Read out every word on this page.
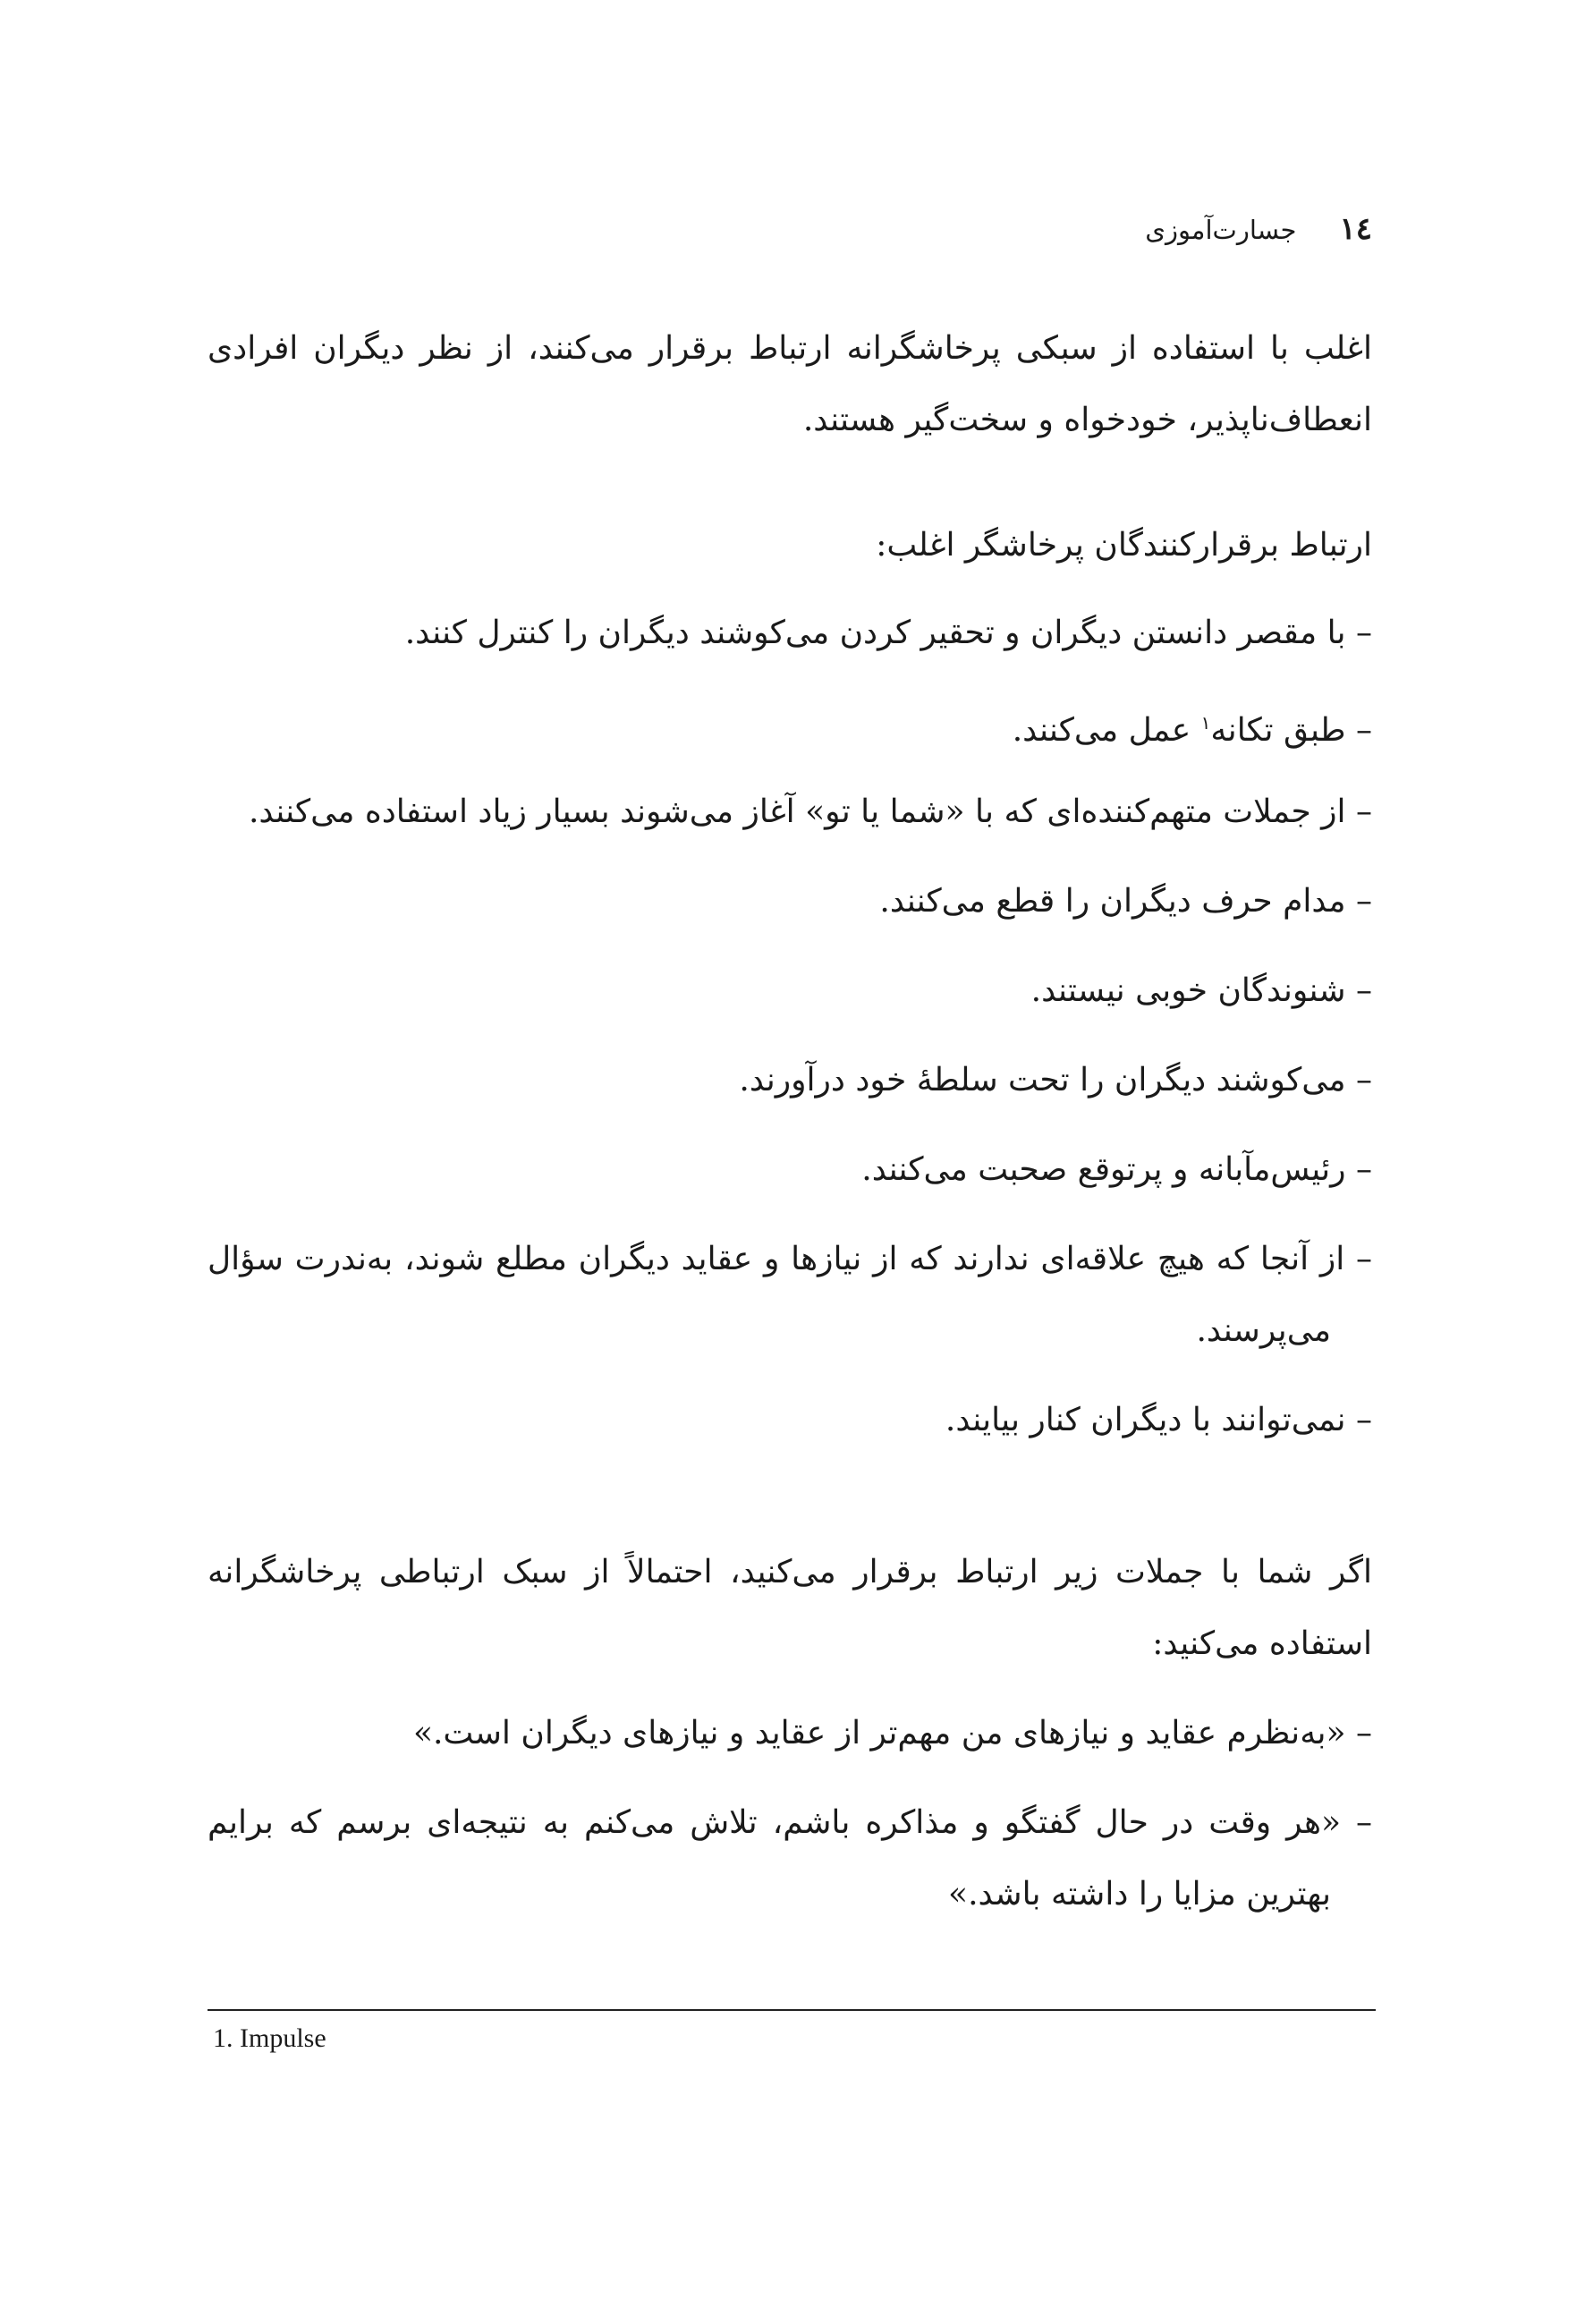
١٤
جسارت‌آموزی

اغلب با استفاده از سبکی پرخاشگرانه ارتباط برقرار می‌کنند، از نظر دیگران افرادی انعطاف‌ناپذیر، خودخواه و سخت‌گیر هستند.

ارتباط برقرارکنندگان پرخاشگر اغلب:

– با مقصر دانستن دیگران و تحقیر کردن می‌کوشند دیگران را کنترل کنند.

– طبق تکانه$^١$ عمل می‌کنند.

– از جملات متهم‌کننده‌ای که با «شما یا تو» آغاز می‌شوند بسیار زیاد استفاده می‌کنند.

– مدام حرف دیگران را قطع می‌کنند.

– شنوندگان خوبی نیستند.

– می‌کوشند دیگران را تحت سلطهٔ خود درآورند.

– رئیس‌مآبانه و پرتوقع صحبت می‌کنند.

– از آنجا که هیچ علاقه‌ای ندارند که از نیازها و عقاید دیگران مطلع شوند، به‌ندرت سؤال می‌پرسند.

– نمی‌توانند با دیگران کنار بیایند.

اگر شما با جملات زیر ارتباط برقرار می‌کنید، احتمالاً از سبک ارتباطی پرخاشگرانه استفاده می‌کنید:

– «به‌نظرم عقاید و نیازهای من مهم‌تر از عقاید و نیازهای دیگران است.»

– «هر وقت در حال گفتگو و مذاکره باشم، تلاش می‌کنم به نتیجه‌ای برسم که برایم بهترین مزایا را داشته باشد.»

1. Impulse
